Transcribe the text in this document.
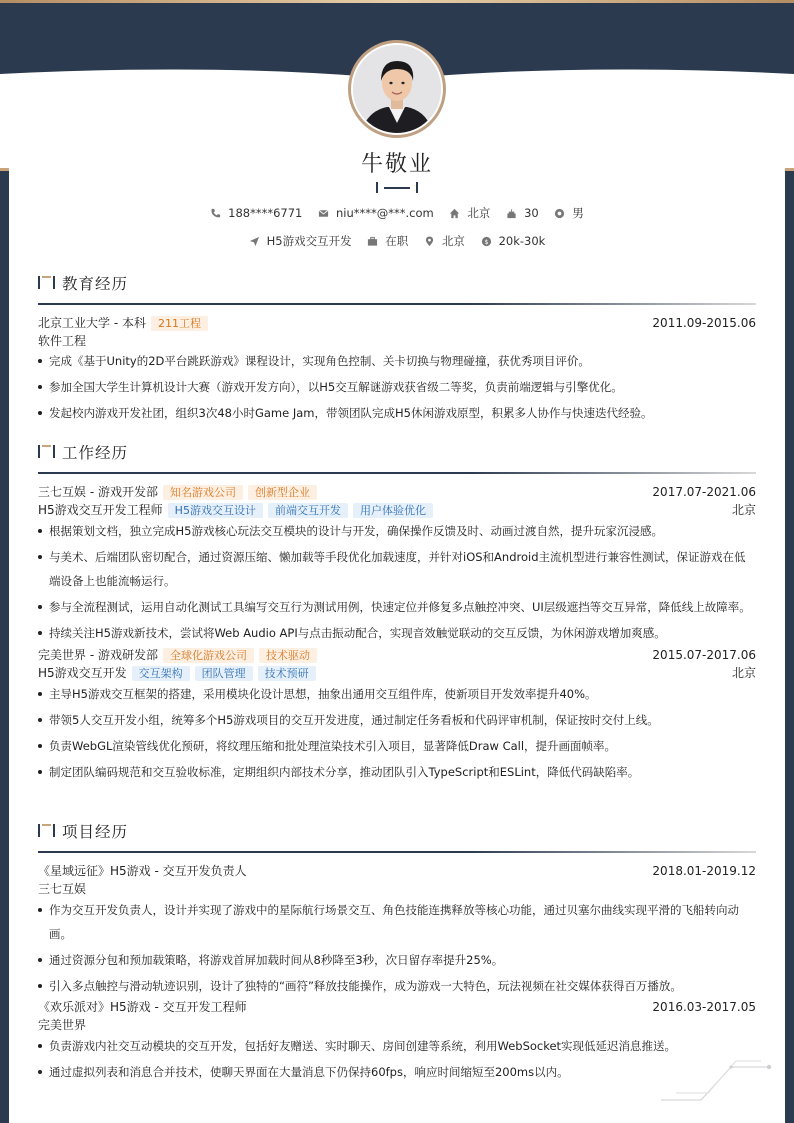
牛敬业
188****6771
	niu****@***.com
	北京
	30
	男
H5游戏交互开发
	在职
	北京
	$ 20k-30k
教育经历
北京工业大学 - 本科	211工程	2011.09-2015.06
软件工程
完成《基于Unity的2D平台跳跃游戏》课程设计，实现角色控制、关卡切换与物理碰撞，获优秀项目评价。
参加全国大学生计算机设计大赛（游戏开发方向），以H5交互解谜游戏获省级二等奖，负责前端逻辑与引擎优化。
发起校内游戏开发社团，组织3次48小时Game Jam，带领团队完成H5休闲游戏原型，积累多人协作与快速迭代经验。
工作经历
三七互娱 - 游戏开发部	知名游戏公司	创新型企业	2017.07-2021.06
H5游戏交互开发工程师	H5游戏交互设计	前端交互开发	用户体验优化	北京
根据策划文档，独立完成H5游戏核心玩法交互模块的设计与开发，确保操作反馈及时、动画过渡自然，提升玩家沉浸感。
与美术、后端团队密切配合，通过资源压缩、懒加载等手段优化加载速度，并针对iOS和Android主流机型进行兼容性测试，保证游戏在低端设备上也能流畅运行。
参与全流程测试，运用自动化测试工具编写交互行为测试用例，快速定位并修复多点触控冲突、UI层级遮挡等交互异常，降低线上故障率。
持续关注H5游戏新技术，尝试将Web Audio API与点击振动配合，实现音效触觉联动的交互反馈，为休闲游戏增加爽感。
完美世界 - 游戏研发部	全球化游戏公司	技术驱动	2015.07-2017.06
H5游戏交互开发	交互架构	团队管理	技术预研	北京
主导H5游戏交互框架的搭建，采用模块化设计思想，抽象出通用交互组件库，使新项目开发效率提升40%。
带领5人交互开发小组，统筹多个H5游戏项目的交互开发进度，通过制定任务看板和代码评审机制，保证按时交付上线。
负责WebGL渲染管线优化预研，将纹理压缩和批处理渲染技术引入项目，显著降低Draw Call，提升画面帧率。
制定团队编码规范和交互验收标准，定期组织内部技术分享，推动团队引入TypeScript和ESLint，降低代码缺陷率。
项目经历
《星域远征》H5游戏 - 交互开发负责人	2018.01-2019.12
三七互娱
作为交互开发负责人，设计并实现了游戏中的星际航行场景交互、角色技能连携释放等核心功能，通过贝塞尔曲线实现平滑的飞船转向动画。
通过资源分包和预加载策略，将游戏首屏加载时间从8秒降至3秒，次日留存率提升25%。
引入多点触控与滑动轨迹识别，设计了独特的“画符”释放技能操作，成为游戏一大特色，玩法视频在社交媒体获得百万播放。
《欢乐派对》H5游戏 - 交互开发工程师	2016.03-2017.05
完美世界
负责游戏内社交互动模块的交互开发，包括好友赠送、实时聊天、房间创建等系统，利用WebSocket实现低延迟消息推送。
通过虚拟列表和消息合并技术，使聊天界面在大量消息下仍保持60fps，响应时间缩短至200ms以内。
